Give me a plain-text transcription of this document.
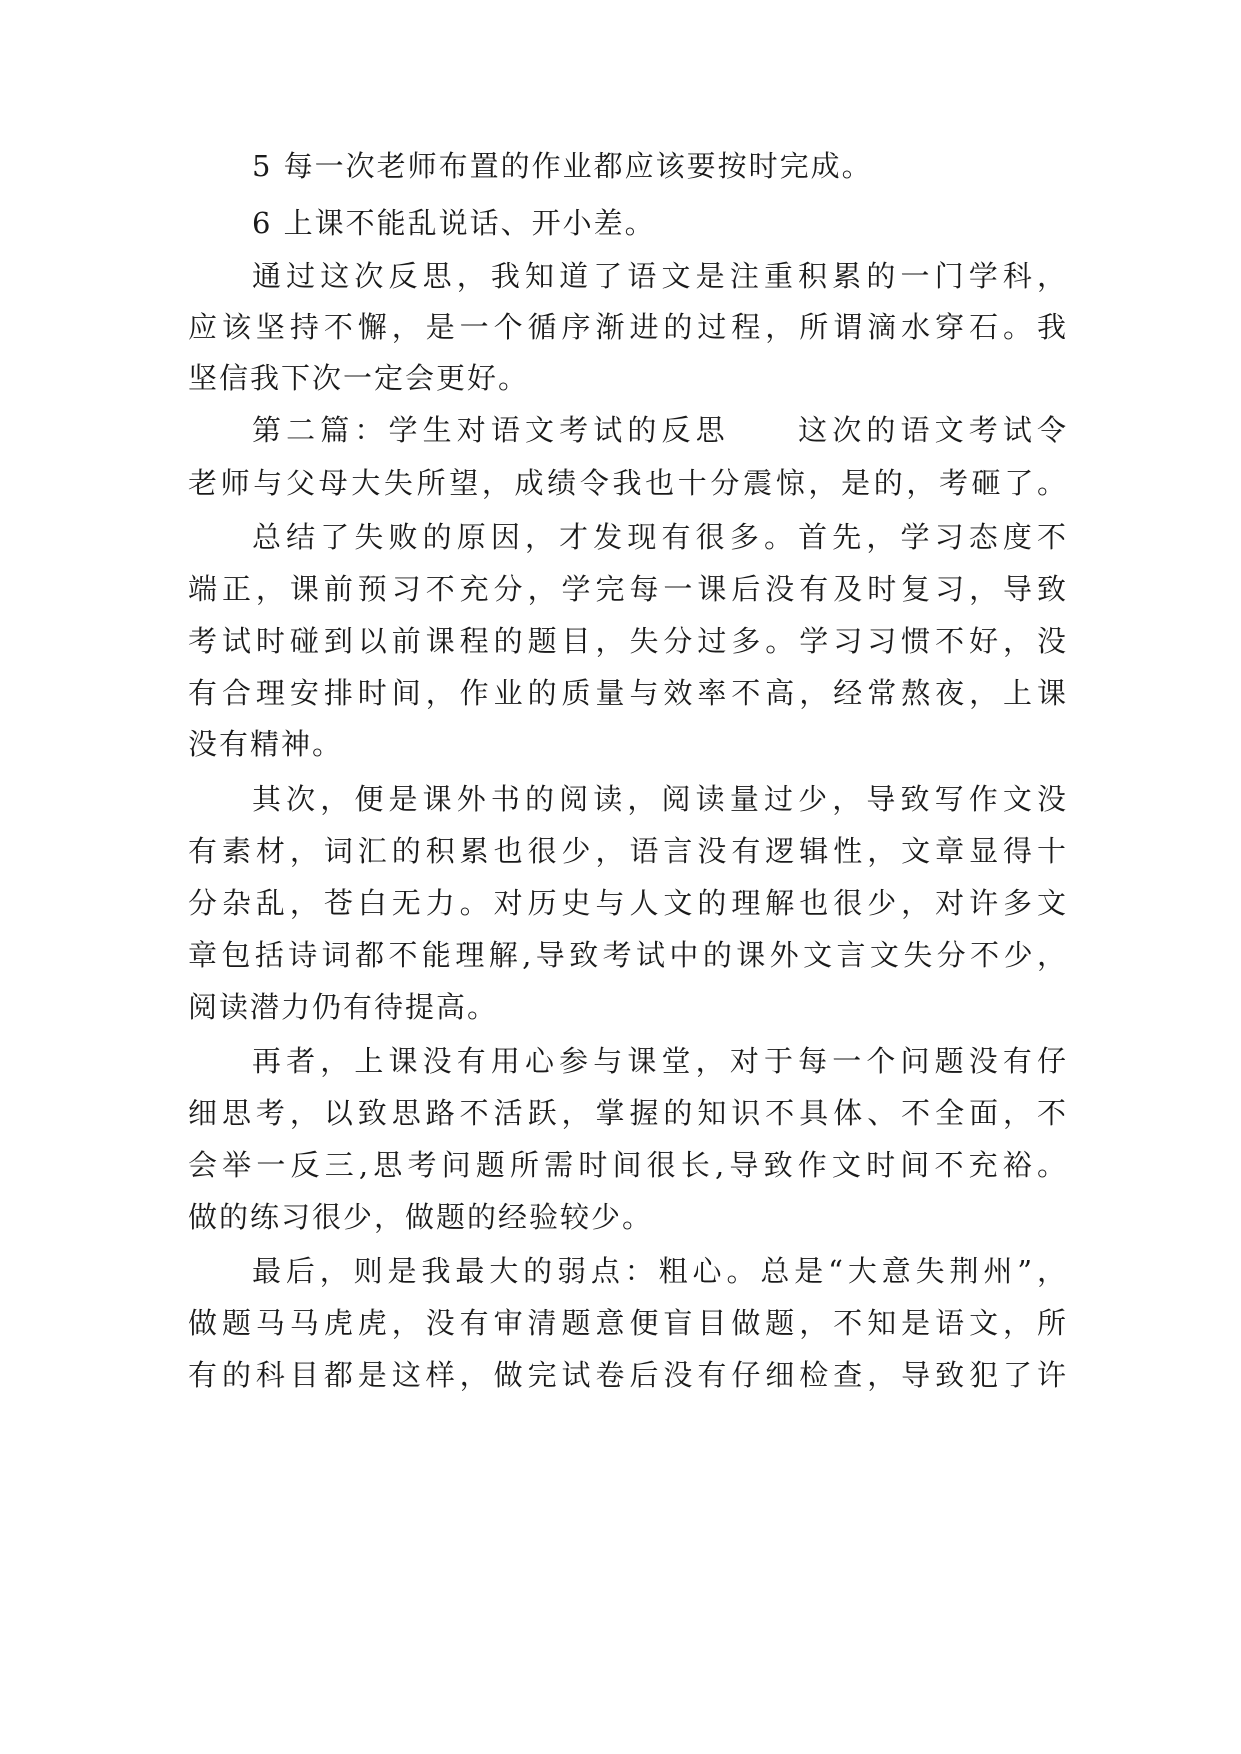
5 每一次老师布置的作业都应该要按时完成。
6 上课不能乱说话、开小差。
通过这次反思，我知道了语文是注重积累的一门学科，
应该坚持不懈，是一个循序渐进的过程，所谓滴水穿石。我
坚信我下次一定会更好。
第二篇：学生对语文考试的反思　　这次的语文考试令
老师与父母大失所望，成绩令我也十分震惊，是的，考砸了。
总结了失败的原因，才发现有很多。首先，学习态度不
端正，课前预习不充分，学完每一课后没有及时复习，导致
考试时碰到以前课程的题目，失分过多。学习习惯不好，没
有合理安排时间，作业的质量与效率不高，经常熬夜，上课
没有精神。
其次，便是课外书的阅读，阅读量过少，导致写作文没
有素材，词汇的积累也很少，语言没有逻辑性，文章显得十
分杂乱，苍白无力。对历史与人文的理解也很少，对许多文
章包括诗词都不能理解,导致考试中的课外文言文失分不少，
阅读潜力仍有待提高。
再者，上课没有用心参与课堂，对于每一个问题没有仔
细思考，以致思路不活跃，掌握的知识不具体、不全面，不
会举一反三,思考问题所需时间很长,导致作文时间不充裕。
做的练习很少，做题的经验较少。
最后，则是我最大的弱点：粗心。总是“大意失荆州”，
做题马马虎虎，没有审清题意便盲目做题，不知是语文，所
有的科目都是这样，做完试卷后没有仔细检查，导致犯了许
